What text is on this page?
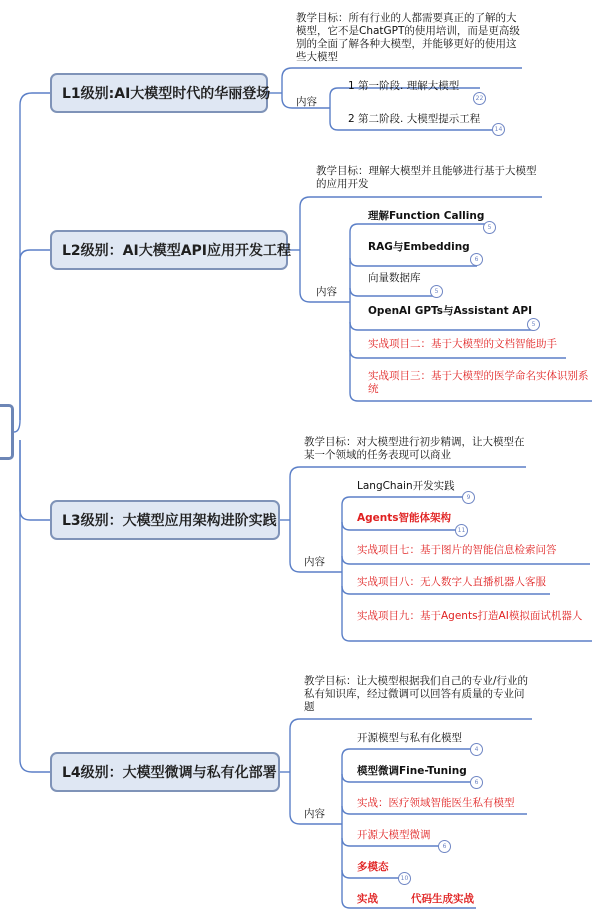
L1级别:AI大模型时代的华丽登场
教学目标：所有行业的人都需要真正的了解的大模型，它不是ChatGPT的使用培训，而是更高级别的全面了解各种大模型，并能够更好的使用这些大模型
内容
1 第一阶段. 理解大模型
22
2 第二阶段. 大模型提示工程
14
L2级别：AI大模型API应用开发工程
教学目标：理解大模型并且能够进行基于大模型的应用开发
内容
理解Function Calling
5
RAG与Embedding
6
向量数据库
5
OpenAI GPTs与Assistant API
5
实战项目二：基于大模型的文档智能助手
实战项目三：基于大模型的医学命名实体识别系统
L3级别：大模型应用架构进阶实践
教学目标：对大模型进行初步精调，让大模型在某一个领域的任务表现可以商业
内容
LangChain开发实践
9
Agents智能体架构
11
实战项目七：基于图片的智能信息检索问答
实战项目八：无人数字人直播机器人客服
实战项目九：基于Agents打造AI模拟面试机器人
L4级别：大模型微调与私有化部署
教学目标：让大模型根据我们自己的专业/行业的私有知识库，经过微调可以回答有质量的专业问题
内容
开源模型与私有化模型
4
模型微调Fine-Tuning
6
实战：医疗领域智能医生私有模型
开源大模型微调
6
多模态
10
实战	代码生成实战
